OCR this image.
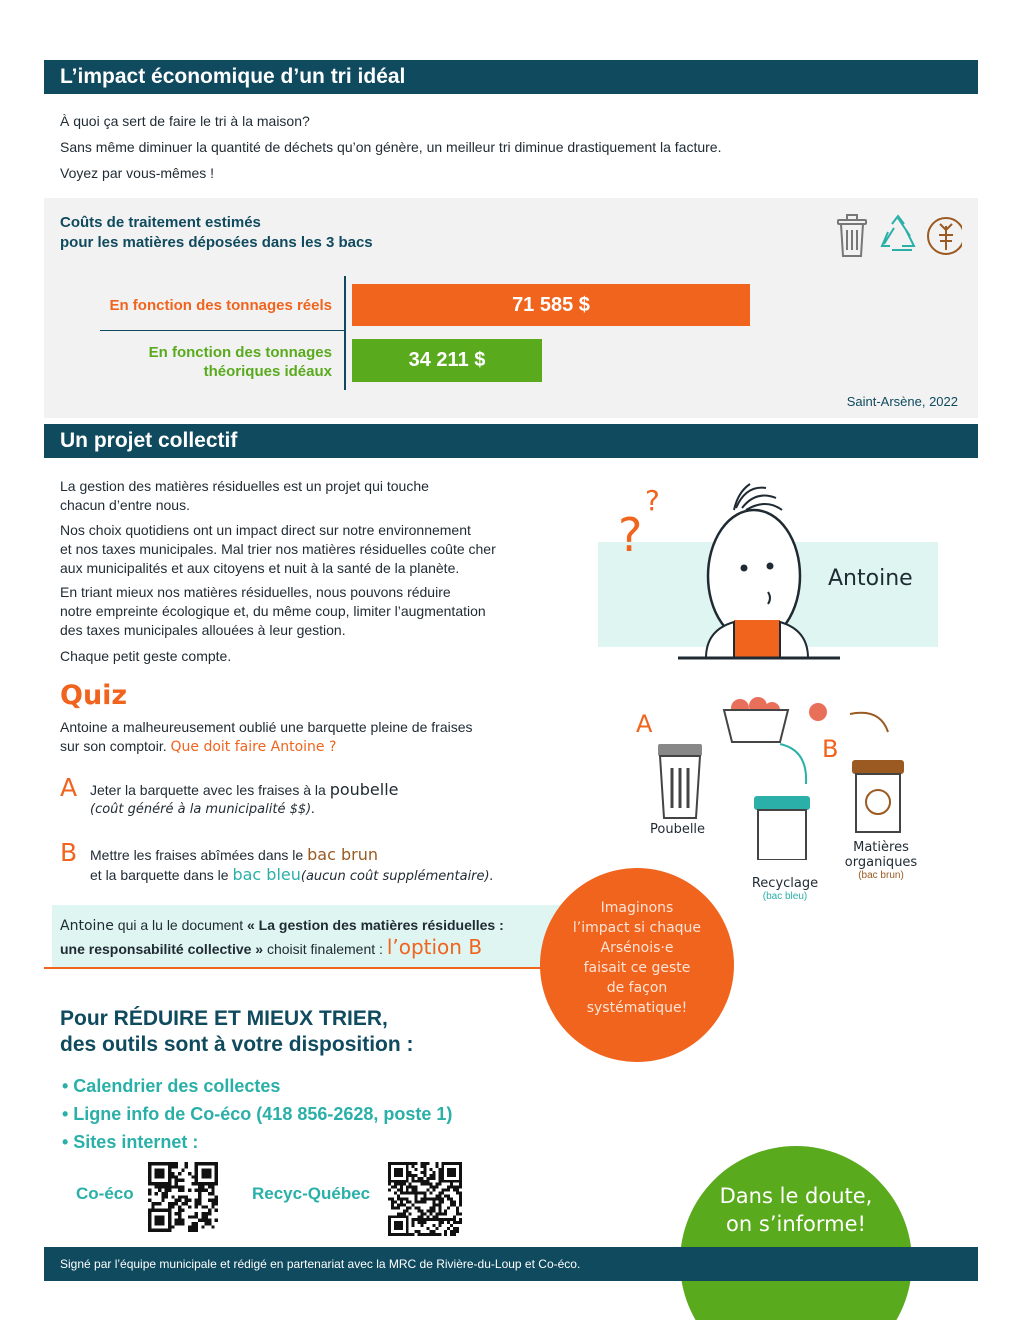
L’impact économique d’un tri idéal
À quoi ça sert de faire le tri à la maison?
Sans même diminuer la quantité de déchets qu’on génère, un meilleur tri diminue drastiquement la facture.
Voyez par vous-mêmes !
Coûts de traitement estimés
pour les matières déposées dans les 3 bacs
En fonction des tonnages réels
En fonction des tonnages
théoriques idéaux
71 585 $
34 211 $
Saint-Arsène, 2022
Un projet collectif
La gestion des matières résiduelles est un projet qui touche
chacun d’entre nous.
Nos choix quotidiens ont un impact direct sur notre environnement
et nos taxes municipales. Mal trier nos matières résiduelles coûte cher
aux municipalités et aux citoyens et nuit à la santé de la planète.
En triant mieux nos matières résiduelles, nous pouvons réduire
notre empreinte écologique et, du même coup, limiter l’augmentation
des taxes municipales allouées à leur gestion.
Chaque petit geste compte.
Antoine
?
?
Quiz
Antoine a malheureusement oublié une barquette pleine de fraises
sur son comptoir. Que doit faire Antoine ?
A Jeter la barquette avec les fraises à la poubelle
(coût généré à la municipalité $$).
B Mettre les fraises abîmées dans le bac brun
et la barquette dans le bac bleu(aucun coût supplémentaire).
A
B
Poubelle
Recyclage
(bac bleu)
Matières
organiques
(bac brun)
Antoine qui a lu le document « La gestion des matières résiduelles :
une responsabilité collective » choisit finalement : l’option B
Imaginons
l’impact si chaque
Arsénois·e
faisait ce geste
de façon
systématique!
Pour RÉDUIRE ET MIEUX TRIER,
des outils sont à votre disposition :
• Calendrier des collectes
• Ligne info de Co-éco (418 856-2628, poste 1)
• Sites internet :
Co-éco	Recyc-Québec	Dans le doute,
on s’informe!
Signé par l’équipe municipale et rédigé en partenariat avec la MRC de Rivière-du-Loup et Co-éco.
